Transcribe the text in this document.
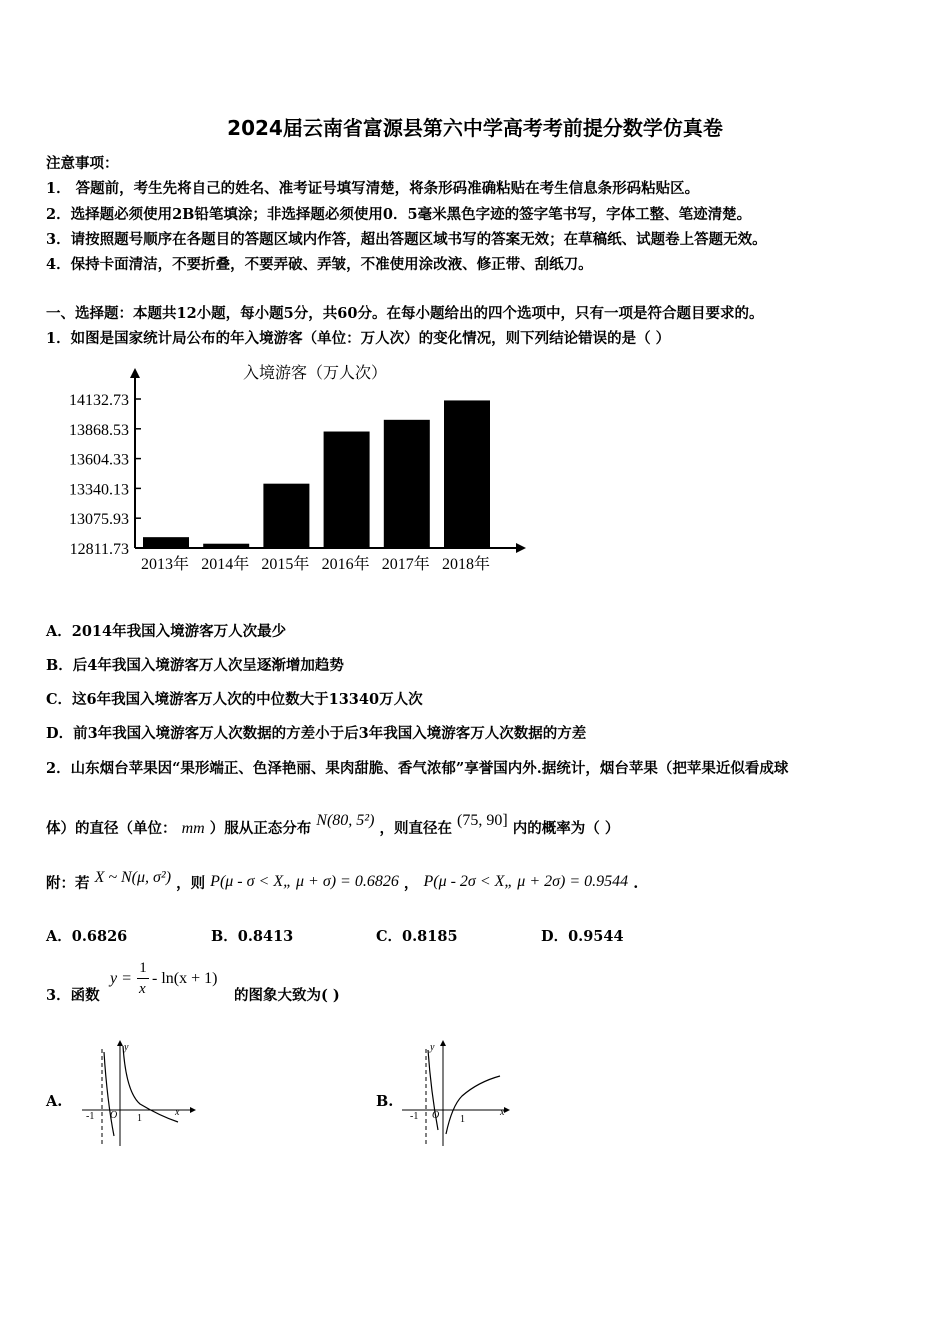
2024届云南省富源县第六中学高考考前提分数学仿真卷
注意事项：
1． 答题前，考生先将自己的姓名、准考证号填写清楚，将条形码准确粘贴在考生信息条形码粘贴区。
2．选择题必须使用2B铅笔填涂；非选择题必须使用0．5毫米黑色字迹的签字笔书写，字体工整、笔迹清楚。
3．请按照题号顺序在各题目的答题区域内作答，超出答题区域书写的答案无效；在草稿纸、试题卷上答题无效。
4．保持卡面清洁，不要折叠，不要弄破、弄皱，不准使用涂改液、修正带、刮纸刀。
一、选择题：本题共12小题，每小题5分，共60分。在每小题给出的四个选项中，只有一项是符合题目要求的。
1．如图是国家统计局公布的年入境游客（单位：万人次）的变化情况，则下列结论错误的是（ ）
入境游客（万人次）
12811.73
13075.93
13340.13
13604.33
13868.53
14132.73
2013年 2014年 2015年 2016年 2017年 2018年
A．2014年我国入境游客万人次最少
B．后4年我国入境游客万人次呈逐渐增加趋势
C．这6年我国入境游客万人次的中位数大于13340万人次
D．前3年我国入境游客万人次数据的方差小于后3年我国入境游客万人次数据的方差
2．山东烟台苹果因“果形端正、色泽艳丽、果肉甜脆、香气浓郁”享誉国内外.据统计，烟台苹果（把苹果近似看成球
体）的直径（单位： mm ）服从正态分布 N(80, 5²) ，则直径在 (75, 90] 内的概率为（ ）
附：若 X ~ N(μ, σ²) ，则 P(μ - σ < X„ μ + σ) = 0.6826 ， P(μ - 2σ < X„ μ + 2σ) = 0.9544 .
A．0.6826	B．0.8413	C．0.8185	D．0.9544
3．函数
y =
1
x
- ln(x + 1)
的图象大致为( )
A.	B.
y
x
-1 O 1
y
x
-1 O 1
